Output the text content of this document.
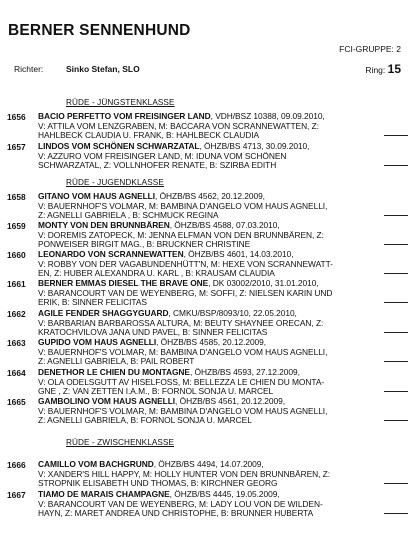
BERNER SENNENHUND
FCI-GRUPPE: 2
Richter:	Sinko Stefan, SLO	Ring: 15
RÜDE - JÜNGSTENKLASSE
1656 BACIO PERFETTO VOM FREISINGER LAND, VDH/BSZ 10388, 09.09.2010,
V: ATTILA VOM LENZGRABEN, M: BACCARA VON SCRANNEWATTEN, Z:
HAHLBECK CLAUDIA U. FRANK, B: HAHLBECK CLAUDIA
1657 LINDOS VOM SCHÖNEN SCHWARZATAL, ÖHZB/BS 4713, 30.09.2010,
V: AZZURO VOM FREISINGER LAND, M: IDUNA VOM SCHÖNEN
SCHWARZATAL, Z: VOLLNHOFER RENATE, B: SZIRBA EDITH
RÜDE - JUGENDKLASSE
1658 GITANO VOM HAUS AGNELLI, ÖHZB/BS 4562, 20.12.2009,
V: BAUERNHOF'S VOLMAR, M: BAMBINA D'ANGELO VOM HAUS AGNELLI,
Z: AGNELLI GABRIELA , B: SCHMUCK REGINA
1659 MONTY VON DEN BRUNNBÄREN, ÖHZB/BS 4588, 07.03.2010,
V: DOREMIS ZATOPECK, M: JENNA ELFMAN VON DEN BRUNNBÄREN, Z:
PONWEISER BIRGIT MAG., B: BRUCKNER CHRISTINE
1660 LEONARDO VON SCRANNEWATTEN, ÖHZB/BS 4601, 14.03.2010,
V: ROBBY VON DER VAGABUNDENHÜTT'N, M: HEXE VON SCRANNEWATT-
EN, Z: HUBER ALEXANDRA U. KARL , B: KRAUSAM CLAUDIA
1661 BERNER EMMAS DIESEL THE BRAVE ONE, DK 03002/2010, 31.01.2010,
V: BARANCOURT VAN DE WEYENBERG, M: SOFFI, Z: NIELSEN KARIN UND
ERIK, B: SINNER FELICITAS
1662 AGILE FENDER SHAGGYGUARD, CMKU/BSP/8093/10, 22.05.2010,
V: BARBARIAN BARBAROSSA ALTURA, M: BEUTY SHAYNEE ORECAN, Z:
KRATOCHVILOVA JANA UND PAVEL, B: SINNER FELICITAS
1663 GUPIDO VOM HAUS AGNELLI, ÖHZB/BS 4585, 20.12.2009,
V: BAUERNHOF'S VOLMAR, M: BAMBINA D'ANGELO VOM HAUS AGNELLI,
Z: AGNELLI GABRIELA, B: PAIL ROBERT
1664 DENETHOR LE CHIEN DU MONTAGNE, ÖHZB/BS 4593, 27.12.2009,
V: OLA ODELSGUTT AV HISELFOSS, M: BELLEZZA LE CHIEN DU MONTA-
GNE , Z: VAN ZETTEN I.A.M., B: FORNOL SONJA U. MARCEL
1665 GAMBOLINO VOM HAUS AGNELLI, ÖHZB/BS 4561, 20.12.2009,
V: BAUERNHOF'S VOLMAR, M: BAMBINA D'ANGELO VOM HAUS AGNELLI,
Z: AGNELLI GABRIELA, B: FORNOL SONJA U. MARCEL
RÜDE - ZWISCHENKLASSE
1666 CAMILLO VOM BACHGRUND, ÖHZB/BS 4494, 14.07.2009,
V: XANDER'S HILL HAPPY, M: HOLLY HUNTER VON DEN BRUNNBÄREN, Z:
STROPNIK ELISABETH UND THOMAS, B: KIRCHNER GEORG
1667 TIAMO DE MARAIS CHAMPAGNE, ÖHZB/BS 4445, 19.05.2009,
V: BARANCOURT VAN DE WEYENBERG, M: LADY LOU VON DE WILDEN-
HAYN, Z: MARET ANDREA UND CHRISTOPHE, B: BRUNNER HUBERTA
